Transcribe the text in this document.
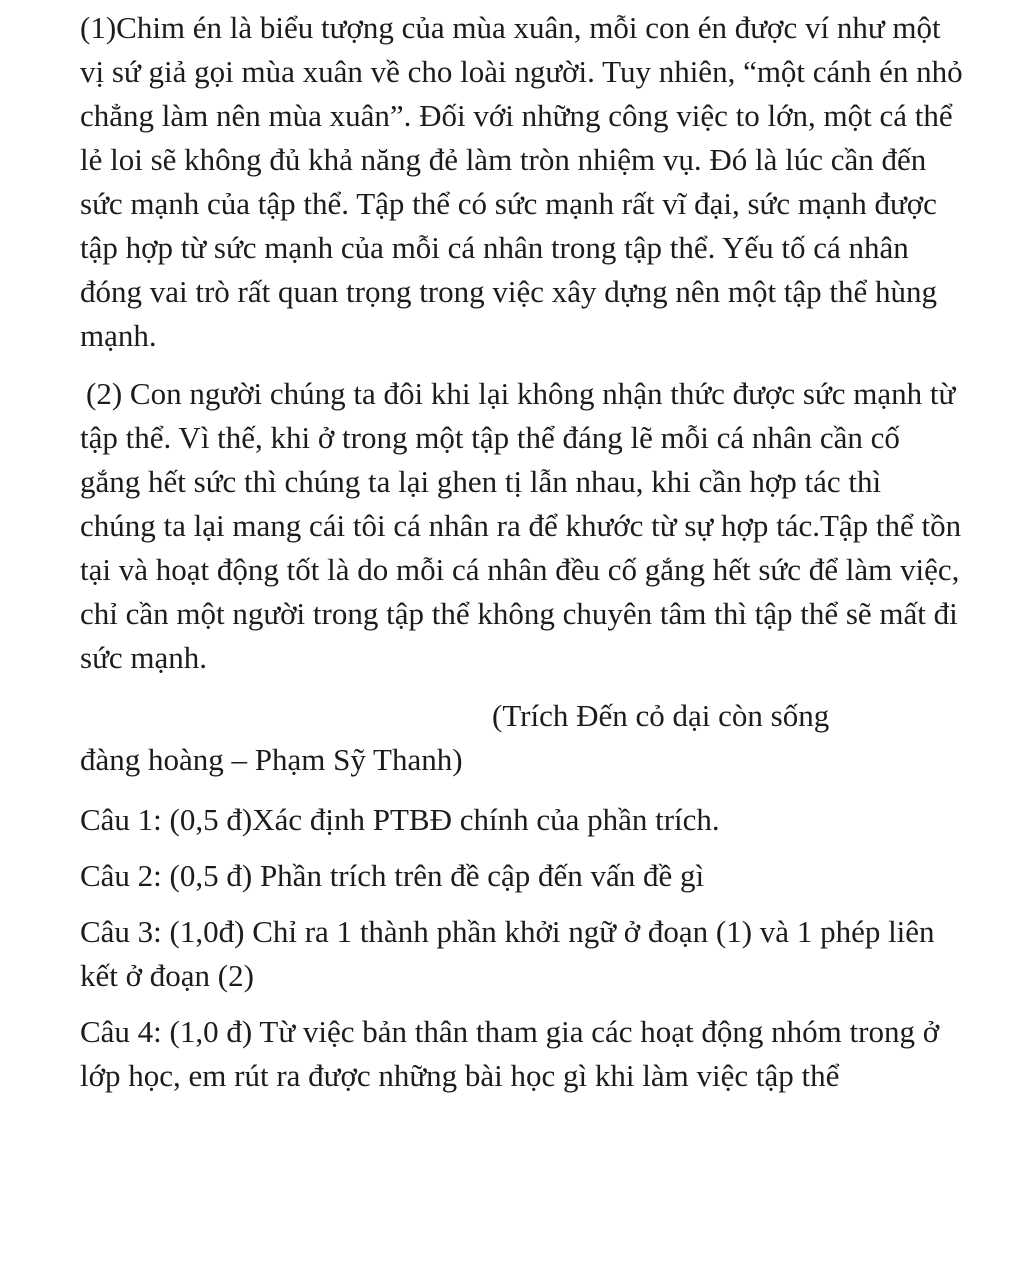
(1)Chim én là biểu tượng của mùa xuân, mỗi con én được ví như một vị sứ giả gọi mùa xuân về cho loài người. Tuy nhiên, “một cánh én nhỏ chẳng làm nên mùa xuân”. Đối với những công việc to lớn, một cá thể lẻ loi sẽ không đủ khả năng đẻ làm tròn nhiệm vụ. Đó là lúc cần đến sức mạnh của tập thể. Tập thể có sức mạnh rất vĩ đại, sức mạnh được tập hợp từ sức mạnh của mỗi cá nhân trong tập thể. Yếu tố cá nhân đóng vai trò rất quan trọng trong việc xây dựng nên một tập thể hùng mạnh.

(2) Con người chúng ta đôi khi lại không nhận thức được sức mạnh từ tập thể. Vì thế, khi ở trong một tập thể đáng lẽ mỗi cá nhân cần cố gắng hết sức thì chúng ta lại ghen tị lẫn nhau, khi cần hợp tác thì chúng ta lại mang cái tôi cá nhân ra để khước từ sự hợp tác.Tập thể tồn tại và hoạt động tốt là do mỗi cá nhân đều cố gắng hết sức để làm việc, chỉ cần một người trong tập thể không chuyên tâm thì tập thể sẽ mất đi sức mạnh.

(Trích Đến cỏ dại còn sống

đàng hoàng – Phạm Sỹ Thanh)

Câu 1: (0,5 đ)Xác định PTBĐ chính của phần trích.

Câu 2: (0,5 đ) Phần trích trên đề cập đến vấn đề gì

Câu 3: (1,0đ) Chỉ ra 1 thành phần khởi ngữ ở đoạn (1) và 1 phép liên kết ở đoạn (2)

Câu 4: (1,0 đ) Từ việc bản thân tham gia các hoạt động nhóm trong ở lớp học, em rút ra được những bài học gì khi làm việc tập thể
